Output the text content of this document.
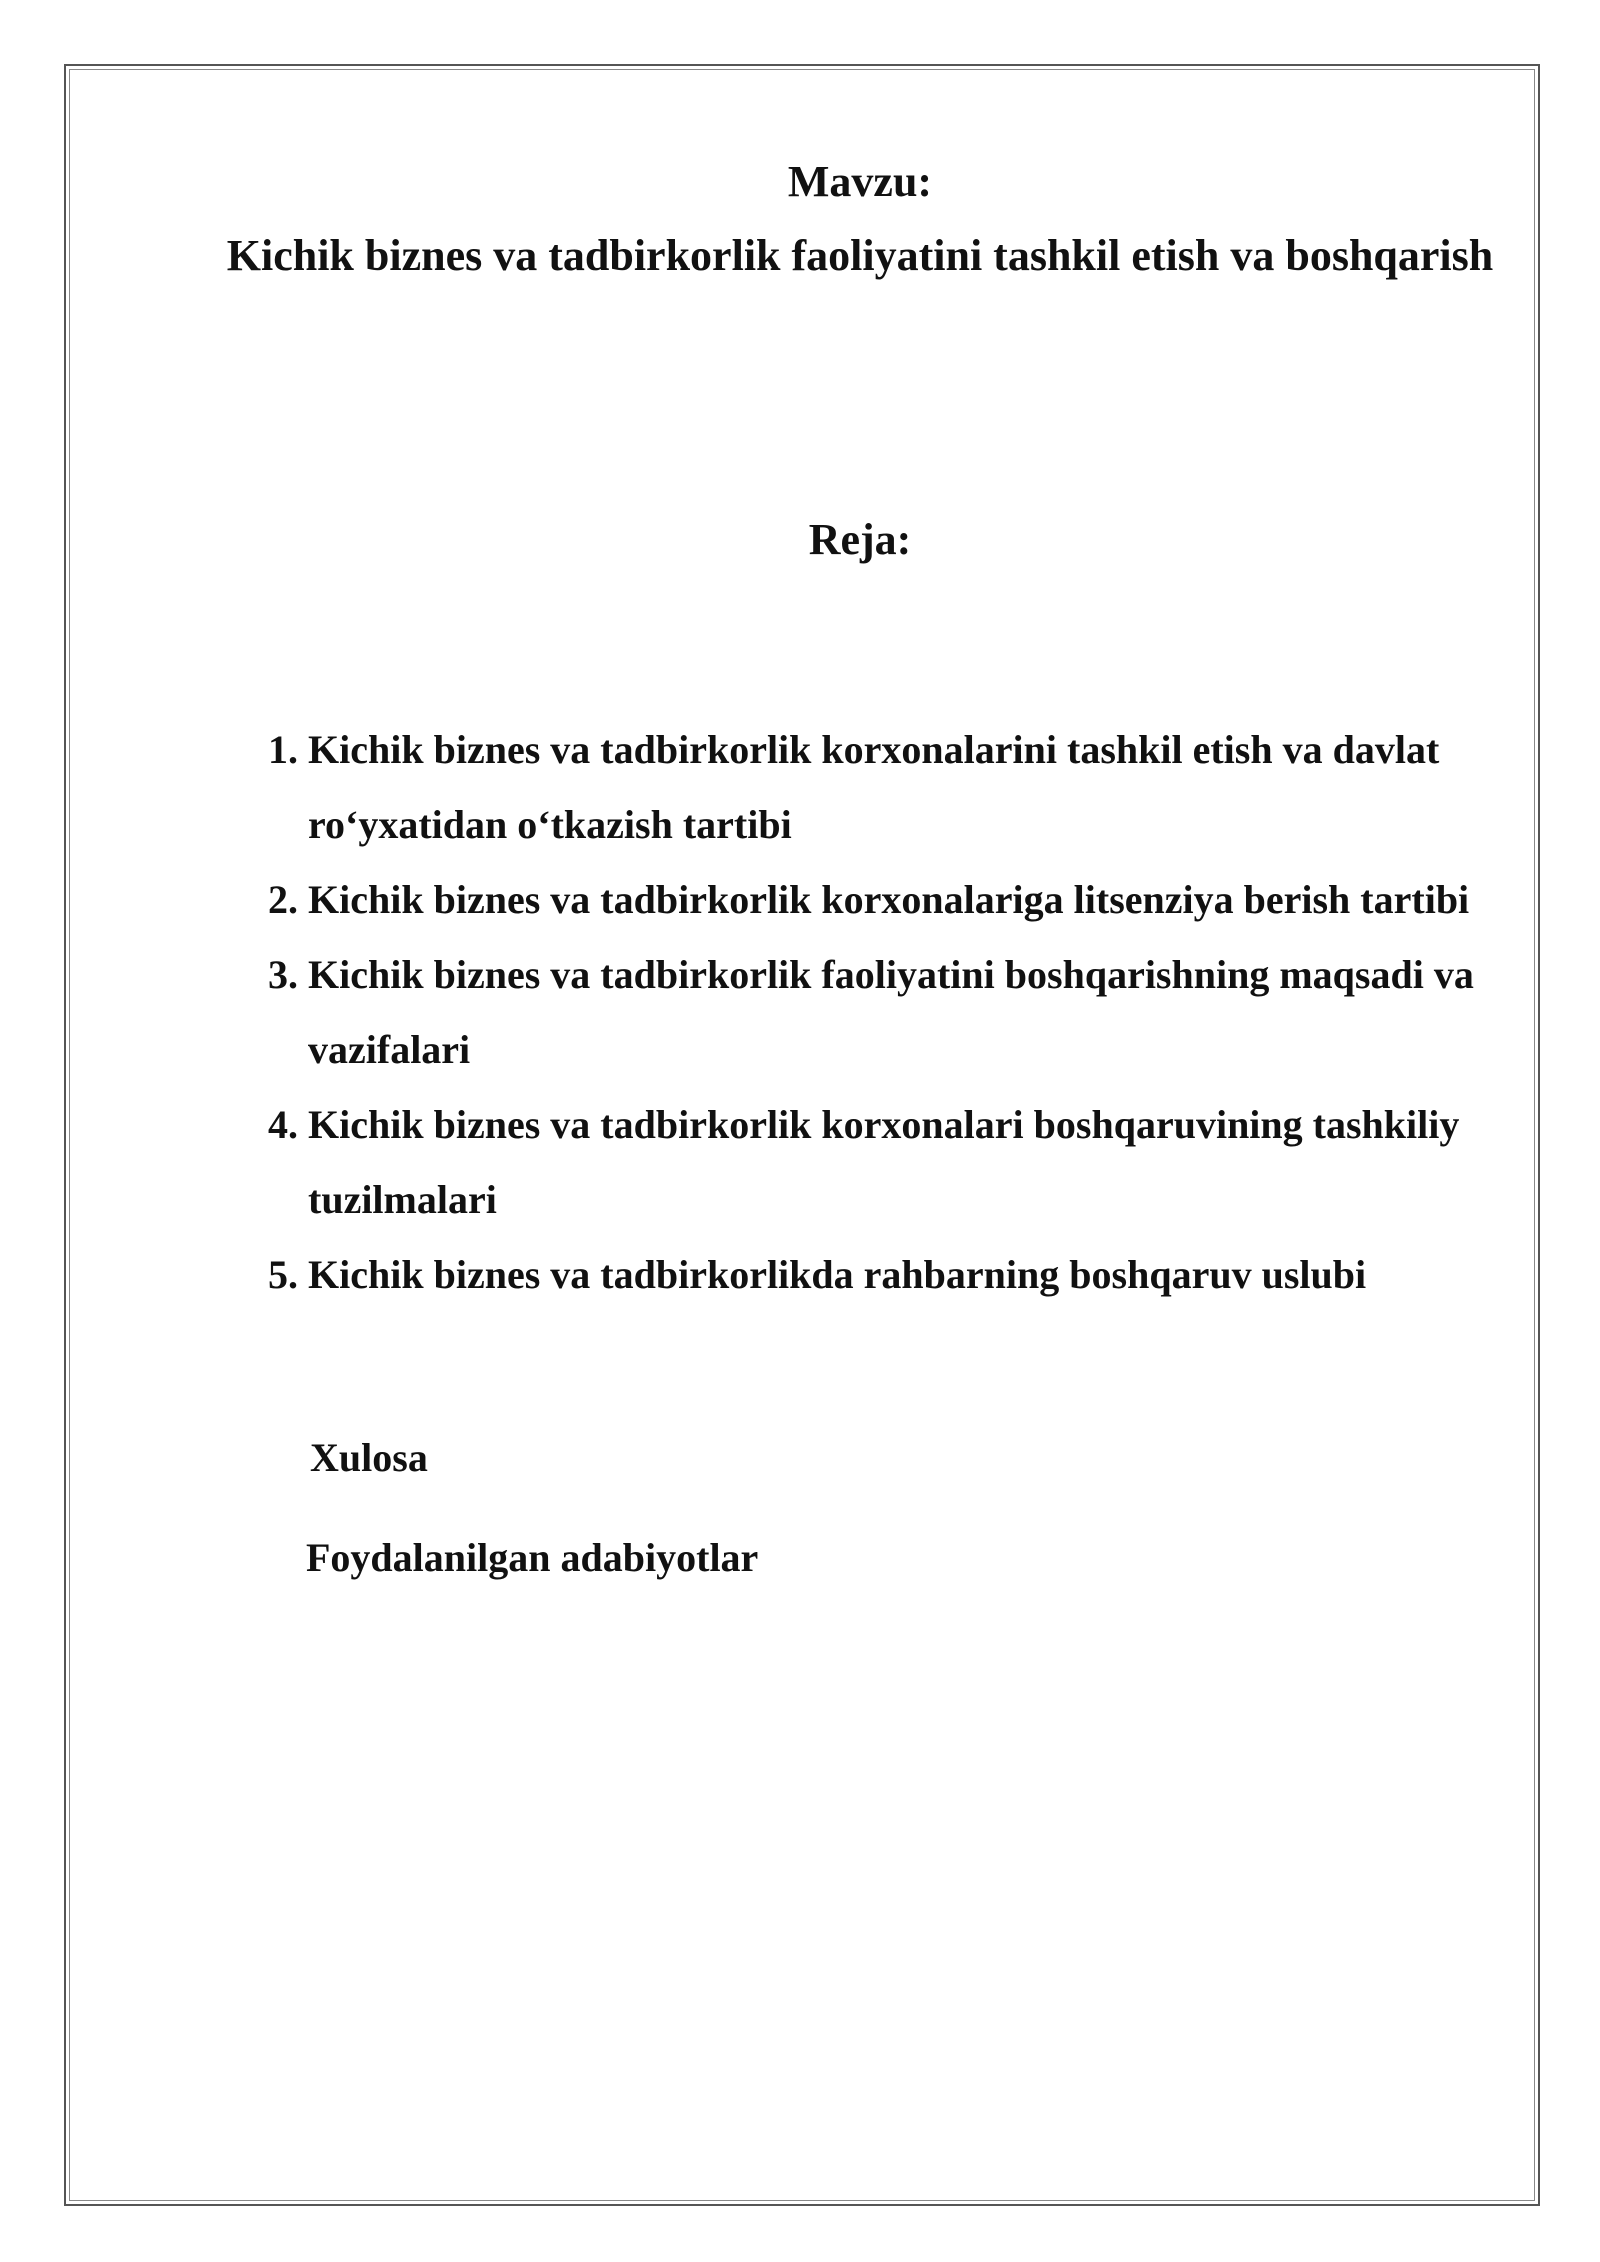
Mavzu:

Kichik biznes va tadbirkorlik faoliyatini tashkil etish va boshqarish

Reja:

1. Kichik biznes va tadbirkorlik korxonalarini tashkil etish va davlat ro‘yxatidan o‘tkazish tartibi
2. Kichik biznes va tadbirkorlik korxonalariga litsenziya berish tartibi
3. Kichik biznes va tadbirkorlik faoliyatini boshqarishning maqsadi va vazifalari
4. Kichik biznes va tadbirkorlik korxonalari boshqaruvining tashkiliy tuzilmalari
5. Kichik biznes va tadbirkorlikda rahbarning boshqaruv uslubi

Xulosa

Foydalanilgan adabiyotlar
